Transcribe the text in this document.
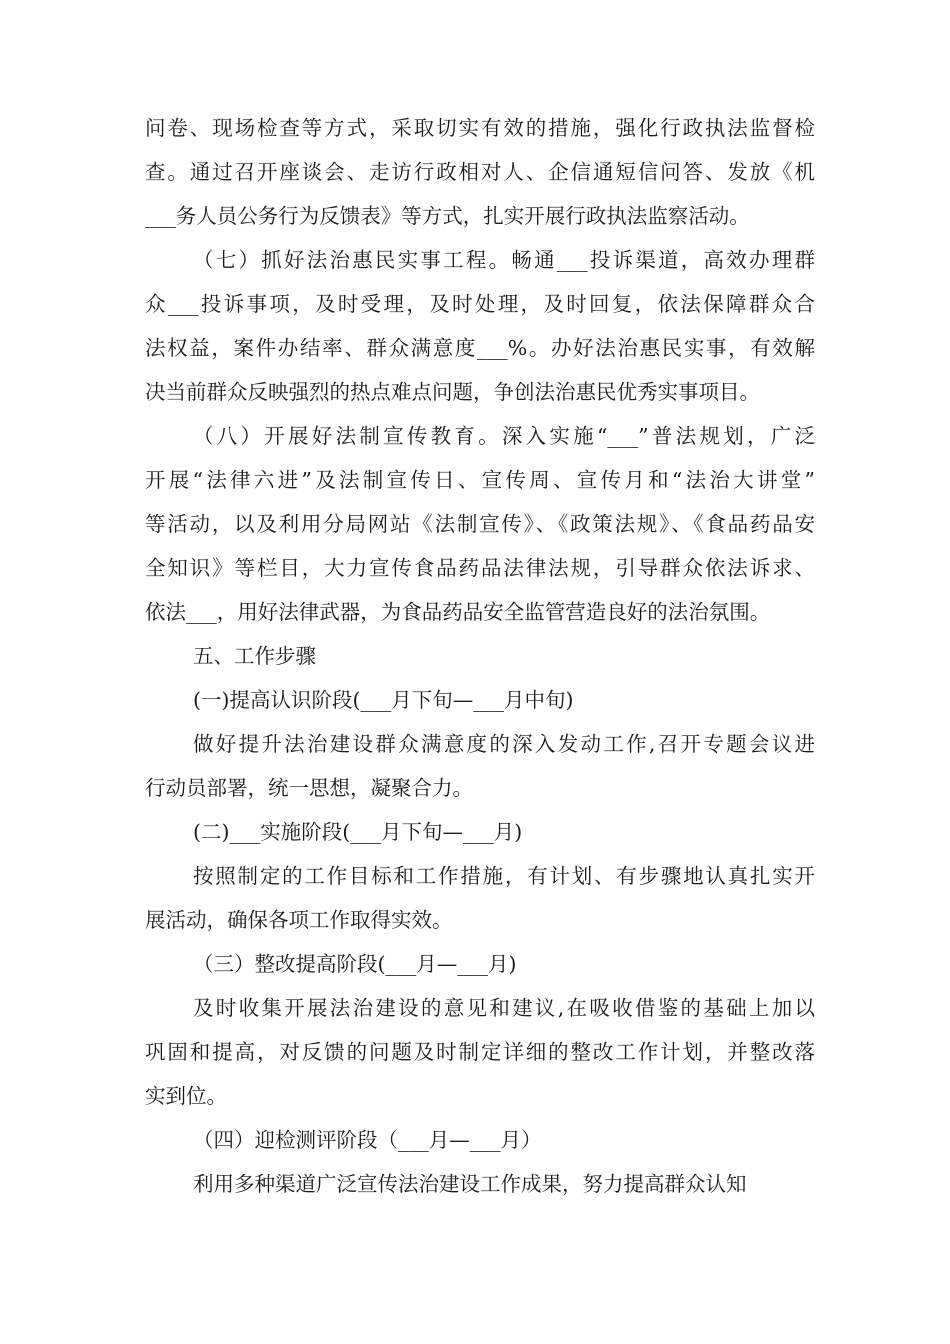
问卷、现场检查等方式，采取切实有效的措施，强化行政执法监督检
查。通过召开座谈会、走访行政相对人、企信通短信问答、发放《机
___务人员公务行为反馈表》等方式，扎实开展行政执法监察活动。
（七）抓好法治惠民实事工程。畅通___投诉渠道，高效办理群
众___投诉事项，及时受理，及时处理，及时回复，依法保障群众合
法权益，案件办结率、群众满意度___%。办好法治惠民实事，有效解
决当前群众反映强烈的热点难点问题，争创法治惠民优秀实事项目。
（八）开展好法制宣传教育。深入实施“___”普法规划，广泛
开展“法律六进”及法制宣传日、宣传周、宣传月和“法治大讲堂”
等活动，以及利用分局网站《法制宣传》、《政策法规》、《食品药品安
全知识》等栏目，大力宣传食品药品法律法规，引导群众依法诉求、
依法___，用好法律武器，为食品药品安全监管营造良好的法治氛围。
五、工作步骤
(一)提高认识阶段(___月下旬—___月中旬)
做好提升法治建设群众满意度的深入发动工作,召开专题会议进
行动员部署，统一思想，凝聚合力。
(二)___实施阶段(___月下旬—___月)
按照制定的工作目标和工作措施，有计划、有步骤地认真扎实开
展活动，确保各项工作取得实效。
（三）整改提高阶段(___月—___月)
及时收集开展法治建设的意见和建议,在吸收借鉴的基础上加以
巩固和提高，对反馈的问题及时制定详细的整改工作计划，并整改落
实到位。
（四）迎检测评阶段（___月—___月）
利用多种渠道广泛宣传法治建设工作成果，努力提高群众认知
